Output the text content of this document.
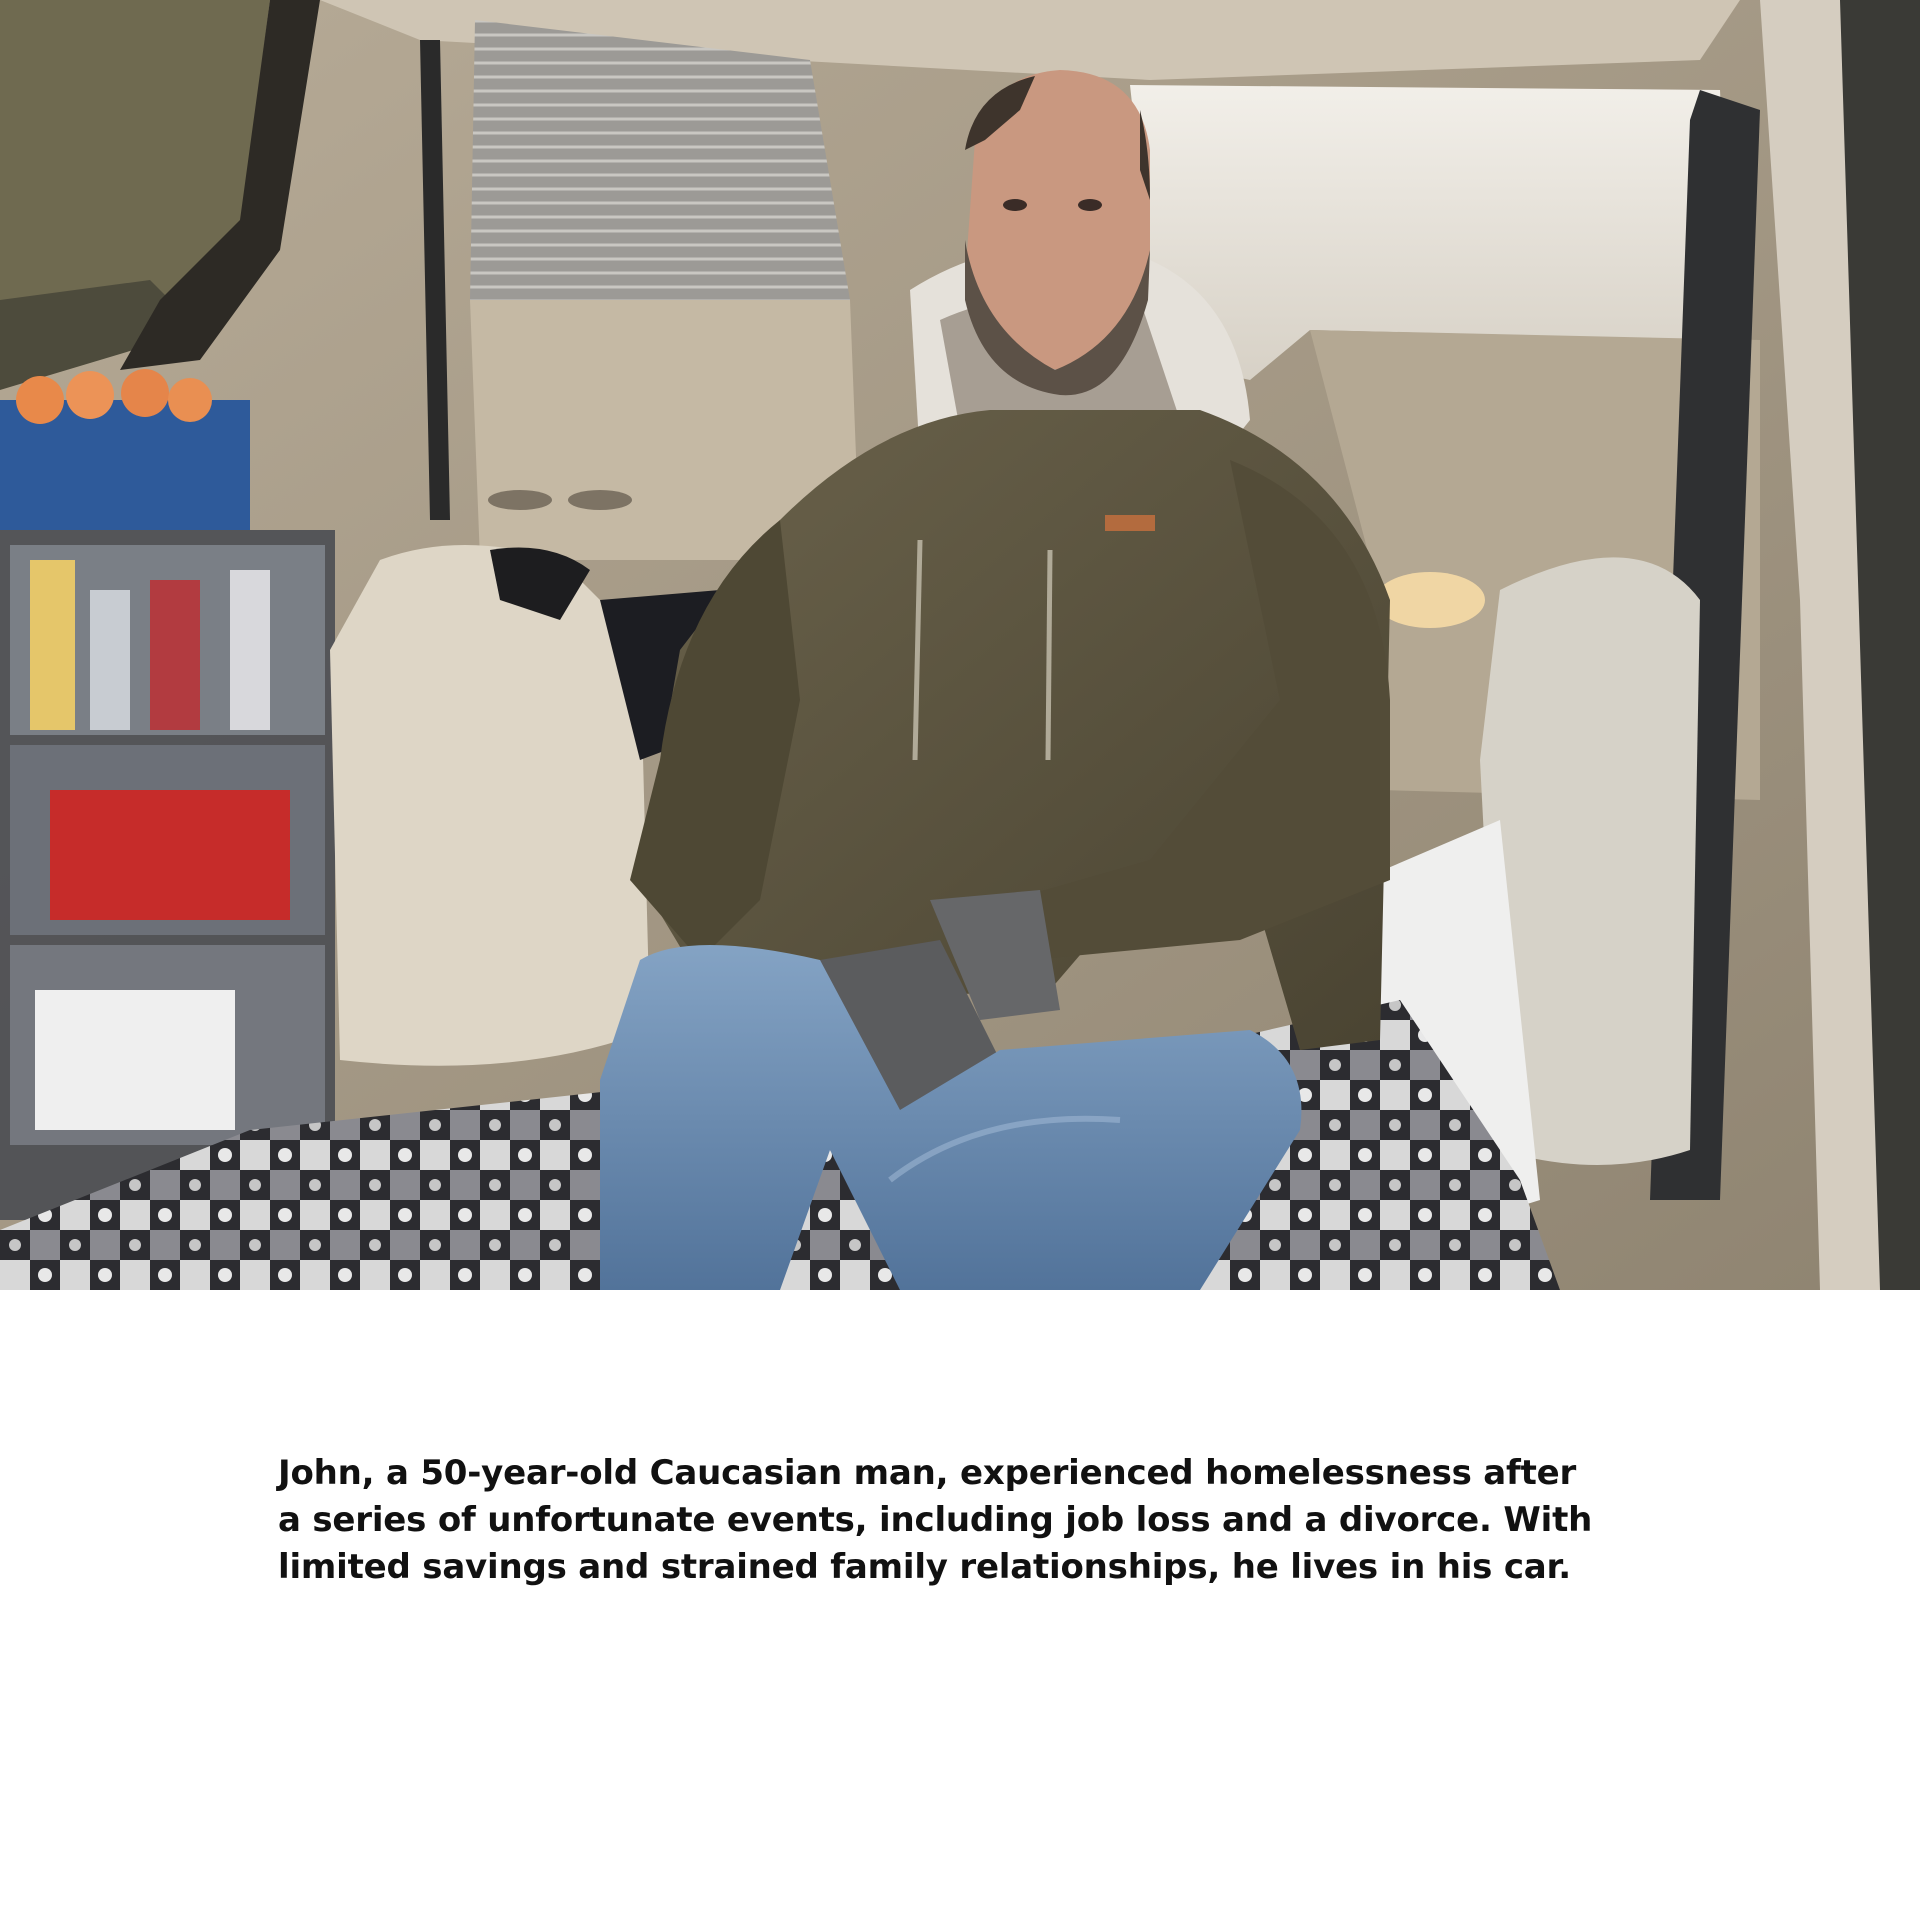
John, a 50-year-old Caucasian man, experienced homelessness after
a series of unfortunate events, including job loss and a divorce. With
limited savings and strained family relationships, he lives in his car.
